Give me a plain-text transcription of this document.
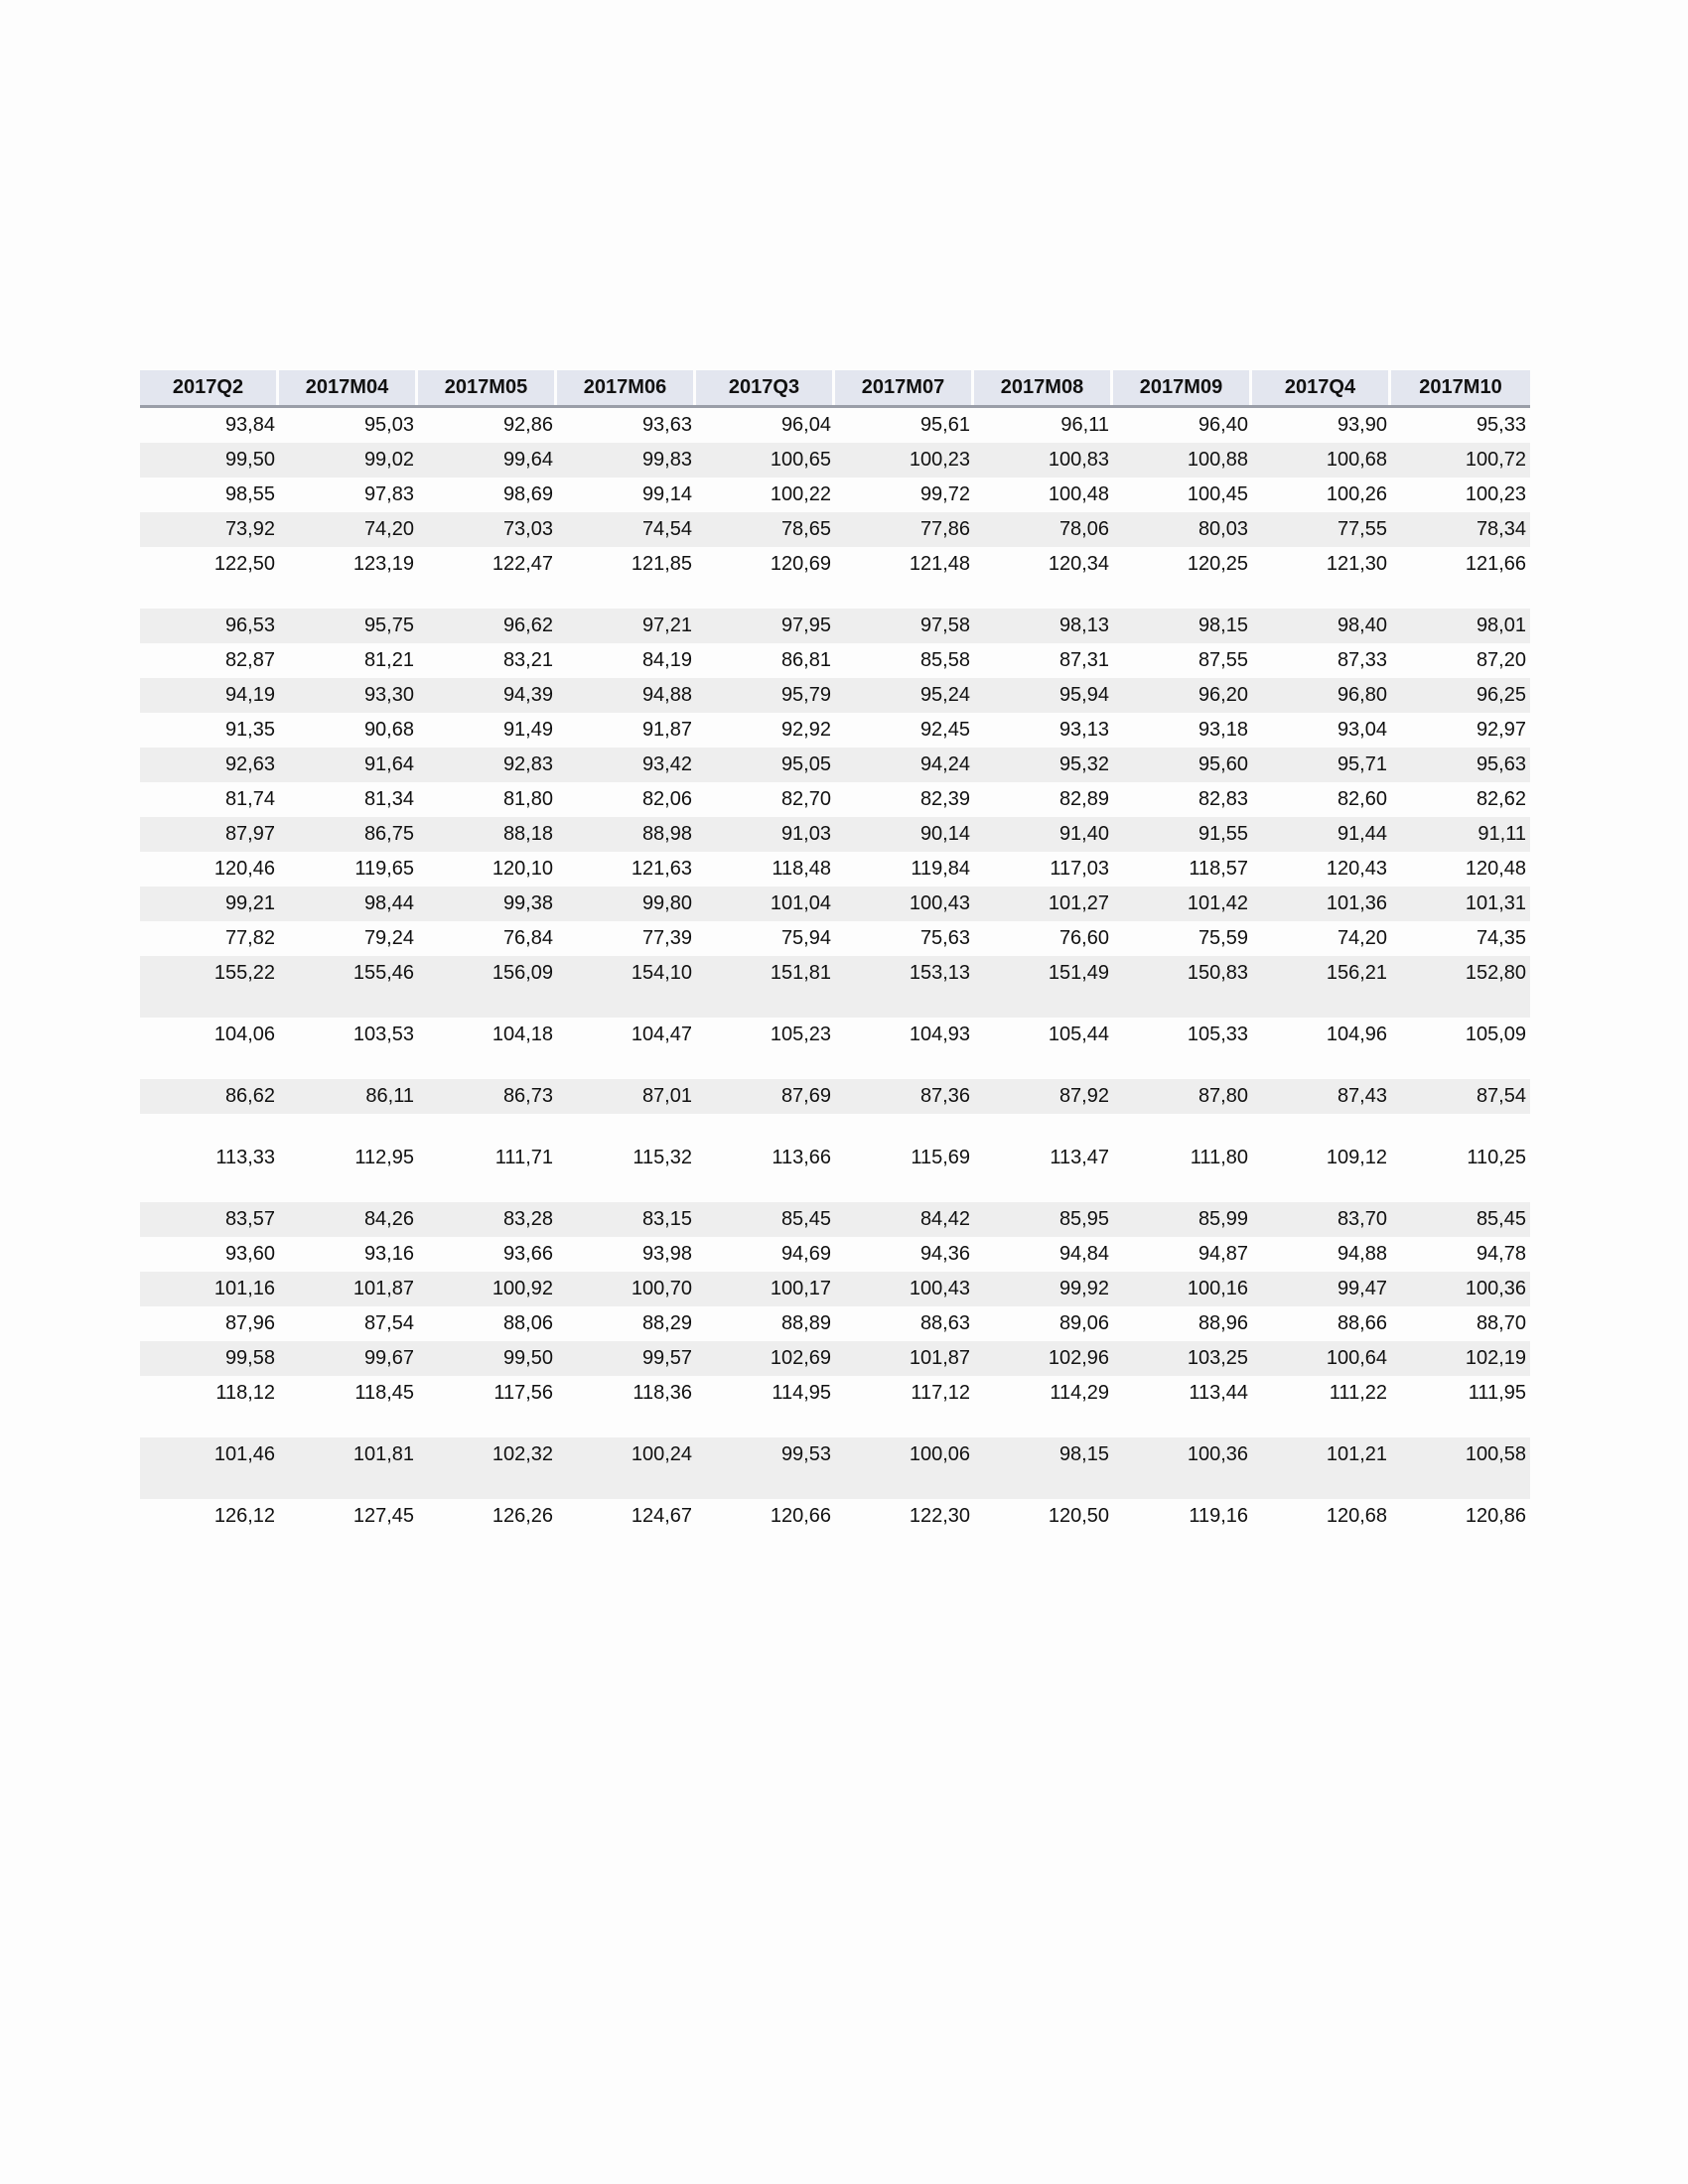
2017Q2	2017M04	2017M05	2017M06	2017Q3	2017M07	2017M08	2017M09	2017Q4	2017M10
93,84	95,03	92,86	93,63	96,04	95,61	96,11	96,40	93,90	95,33
99,50	99,02	99,64	99,83	100,65	100,23	100,83	100,88	100,68	100,72
98,55	97,83	98,69	99,14	100,22	99,72	100,48	100,45	100,26	100,23
73,92	74,20	73,03	74,54	78,65	77,86	78,06	80,03	77,55	78,34
122,50	123,19	122,47	121,85	120,69	121,48	120,34	120,25	121,30	121,66
96,53	95,75	96,62	97,21	97,95	97,58	98,13	98,15	98,40	98,01
82,87	81,21	83,21	84,19	86,81	85,58	87,31	87,55	87,33	87,20
94,19	93,30	94,39	94,88	95,79	95,24	95,94	96,20	96,80	96,25
91,35	90,68	91,49	91,87	92,92	92,45	93,13	93,18	93,04	92,97
92,63	91,64	92,83	93,42	95,05	94,24	95,32	95,60	95,71	95,63
81,74	81,34	81,80	82,06	82,70	82,39	82,89	82,83	82,60	82,62
87,97	86,75	88,18	88,98	91,03	90,14	91,40	91,55	91,44	91,11
120,46	119,65	120,10	121,63	118,48	119,84	117,03	118,57	120,43	120,48
99,21	98,44	99,38	99,80	101,04	100,43	101,27	101,42	101,36	101,31
77,82	79,24	76,84	77,39	75,94	75,63	76,60	75,59	74,20	74,35
155,22	155,46	156,09	154,10	151,81	153,13	151,49	150,83	156,21	152,80
104,06	103,53	104,18	104,47	105,23	104,93	105,44	105,33	104,96	105,09
86,62	86,11	86,73	87,01	87,69	87,36	87,92	87,80	87,43	87,54
113,33	112,95	111,71	115,32	113,66	115,69	113,47	111,80	109,12	110,25
83,57	84,26	83,28	83,15	85,45	84,42	85,95	85,99	83,70	85,45
93,60	93,16	93,66	93,98	94,69	94,36	94,84	94,87	94,88	94,78
101,16	101,87	100,92	100,70	100,17	100,43	99,92	100,16	99,47	100,36
87,96	87,54	88,06	88,29	88,89	88,63	89,06	88,96	88,66	88,70
99,58	99,67	99,50	99,57	102,69	101,87	102,96	103,25	100,64	102,19
118,12	118,45	117,56	118,36	114,95	117,12	114,29	113,44	111,22	111,95
101,46	101,81	102,32	100,24	99,53	100,06	98,15	100,36	101,21	100,58
126,12	127,45	126,26	124,67	120,66	122,30	120,50	119,16	120,68	120,86
